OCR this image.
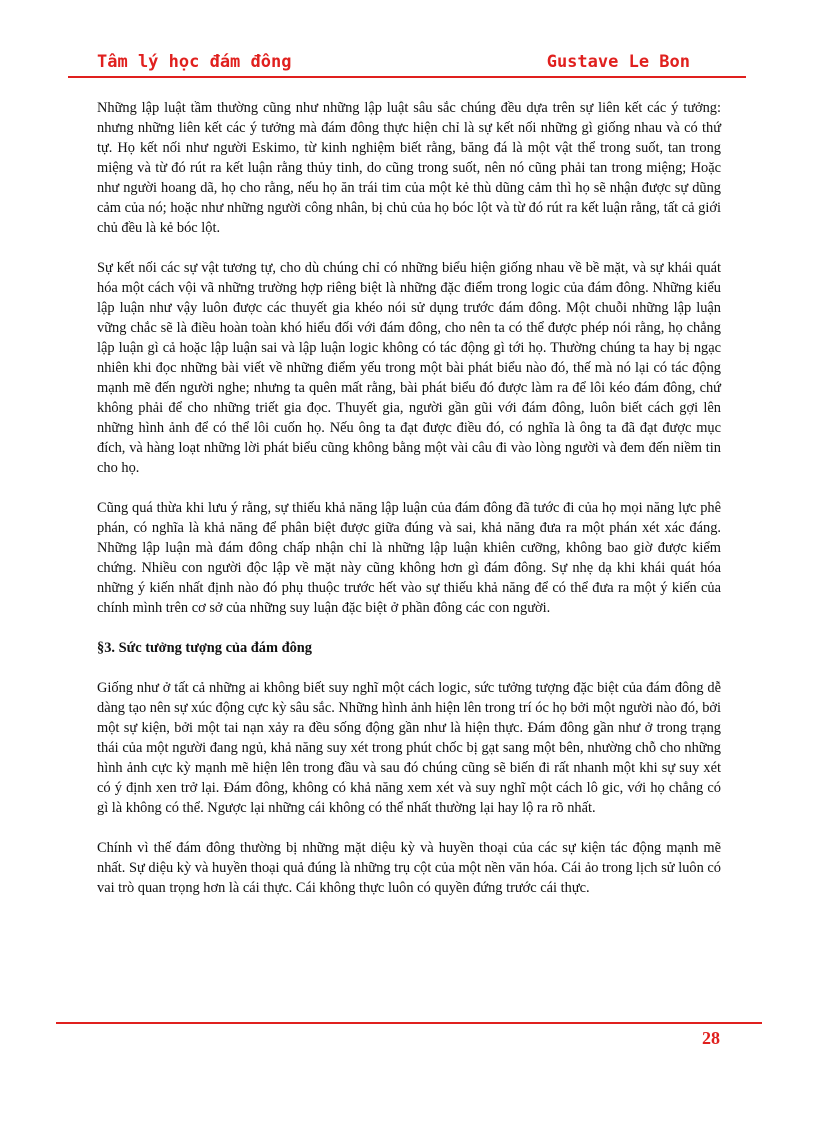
Tâm lý học đám đông	Gustave Le Bon

Những lập luật tầm thường cũng như những lập luật sâu sắc chúng đều dựa trên sự liên kết các ý tưởng: nhưng những liên kết các ý tưởng mà đám đông thực hiện chỉ là sự kết nối những gì giống nhau và có thứ tự. Họ kết nối như người Eskimo, từ kinh nghiệm biết rằng, băng đá là một vật thể trong suốt, tan trong miệng và từ đó rút ra kết luận rằng thủy tinh, do cũng trong suốt, nên nó cũng phải tan trong miệng; Hoặc như người hoang dã, họ cho rằng, nếu họ ăn trái tim của một kẻ thù dũng cảm thì họ sẽ nhận được sự dũng cảm của nó; hoặc như những người công nhân, bị chủ của họ bóc lột và từ đó rút ra kết luận rằng, tất cả giới chủ đều là kẻ bóc lột.

Sự kết nối các sự vật tương tự, cho dù chúng chỉ có những biểu hiện giống nhau về bề mặt, và sự khái quát hóa một cách vội vã những trường hợp riêng biệt là những đặc điểm trong logic của đám đông. Những kiểu lập luận như vậy luôn được các thuyết gia khéo nói sử dụng trước đám đông. Một chuỗi những lập luận vững chắc sẽ là điều hoàn toàn khó hiểu đối với đám đông, cho nên ta có thể được phép nói rằng, họ chẳng lập luận gì cả hoặc lập luận sai và lập luận logic không có tác động gì tới họ. Thường chúng ta hay bị ngạc nhiên khi đọc những bài viết về những điểm yếu trong một bài phát biểu nào đó, thế mà nó lại có tác động mạnh mẽ đến người nghe; nhưng ta quên mất rằng, bài phát biểu đó được làm ra để lôi kéo đám đông, chứ không phải để cho những triết gia đọc. Thuyết gia, người gần gũi với đám đông, luôn biết cách gợi lên những hình ảnh để có thể lôi cuốn họ. Nếu ông ta đạt được điều đó, có nghĩa là ông ta đã đạt được mục đích, và hàng loạt những lời phát biểu cũng không bằng một vài câu đi vào lòng người và đem đến niềm tin cho họ.

Cũng quá thừa khi lưu ý rằng, sự thiếu khả năng lập luận của đám đông đã tước đi của họ mọi năng lực phê phán, có nghĩa là khả năng để phân biệt được giữa đúng và sai, khả năng đưa ra một phán xét xác đáng. Những lập luận mà đám đông chấp nhận chỉ là những lập luận khiên cưỡng, không bao giờ được kiểm chứng. Nhiều con người độc lập về mặt này cũng không hơn gì đám đông. Sự nhẹ dạ khi khái quát hóa những ý kiến nhất định nào đó phụ thuộc trước hết vào sự thiếu khả năng để có thể đưa ra một ý kiến của chính mình trên cơ sở của những suy luận đặc biệt ở phần đông các con người.

§3. Sức tưởng tượng của đám đông

Giống như ở tất cả những ai không biết suy nghĩ một cách logic, sức tưởng tượng đặc biệt của đám đông dễ dàng tạo nên sự xúc động cực kỳ sâu sắc. Những hình ảnh hiện lên trong trí óc họ bởi một người nào đó, bởi một sự kiện, bởi một tai nạn xảy ra đều sống động gần như là hiện thực. Đám đông gần như ở trong trạng thái của một người đang ngủ, khả năng suy xét trong phút chốc bị gạt sang một bên, nhường chỗ cho những hình ảnh cực kỳ mạnh mẽ hiện lên trong đầu và sau đó chúng cũng sẽ biến đi rất nhanh một khi sự suy xét có ý định xen trở lại. Đám đông, không có khả năng xem xét và suy nghĩ một cách lô gic, với họ chẳng có gì là không có thể. Ngược lại những cái không có thể nhất thường lại hay lộ ra rõ nhất.

Chính vì thế đám đông thường bị những mặt diệu kỳ và huyền thoại của các sự kiện tác động mạnh mẽ nhất. Sự diệu kỳ và huyền thoại quả đúng là những trụ cột của một nền văn hóa. Cái ảo trong lịch sử luôn có vai trò quan trọng hơn là cái thực. Cái không thực luôn có quyền đứng trước cái thực.

28
